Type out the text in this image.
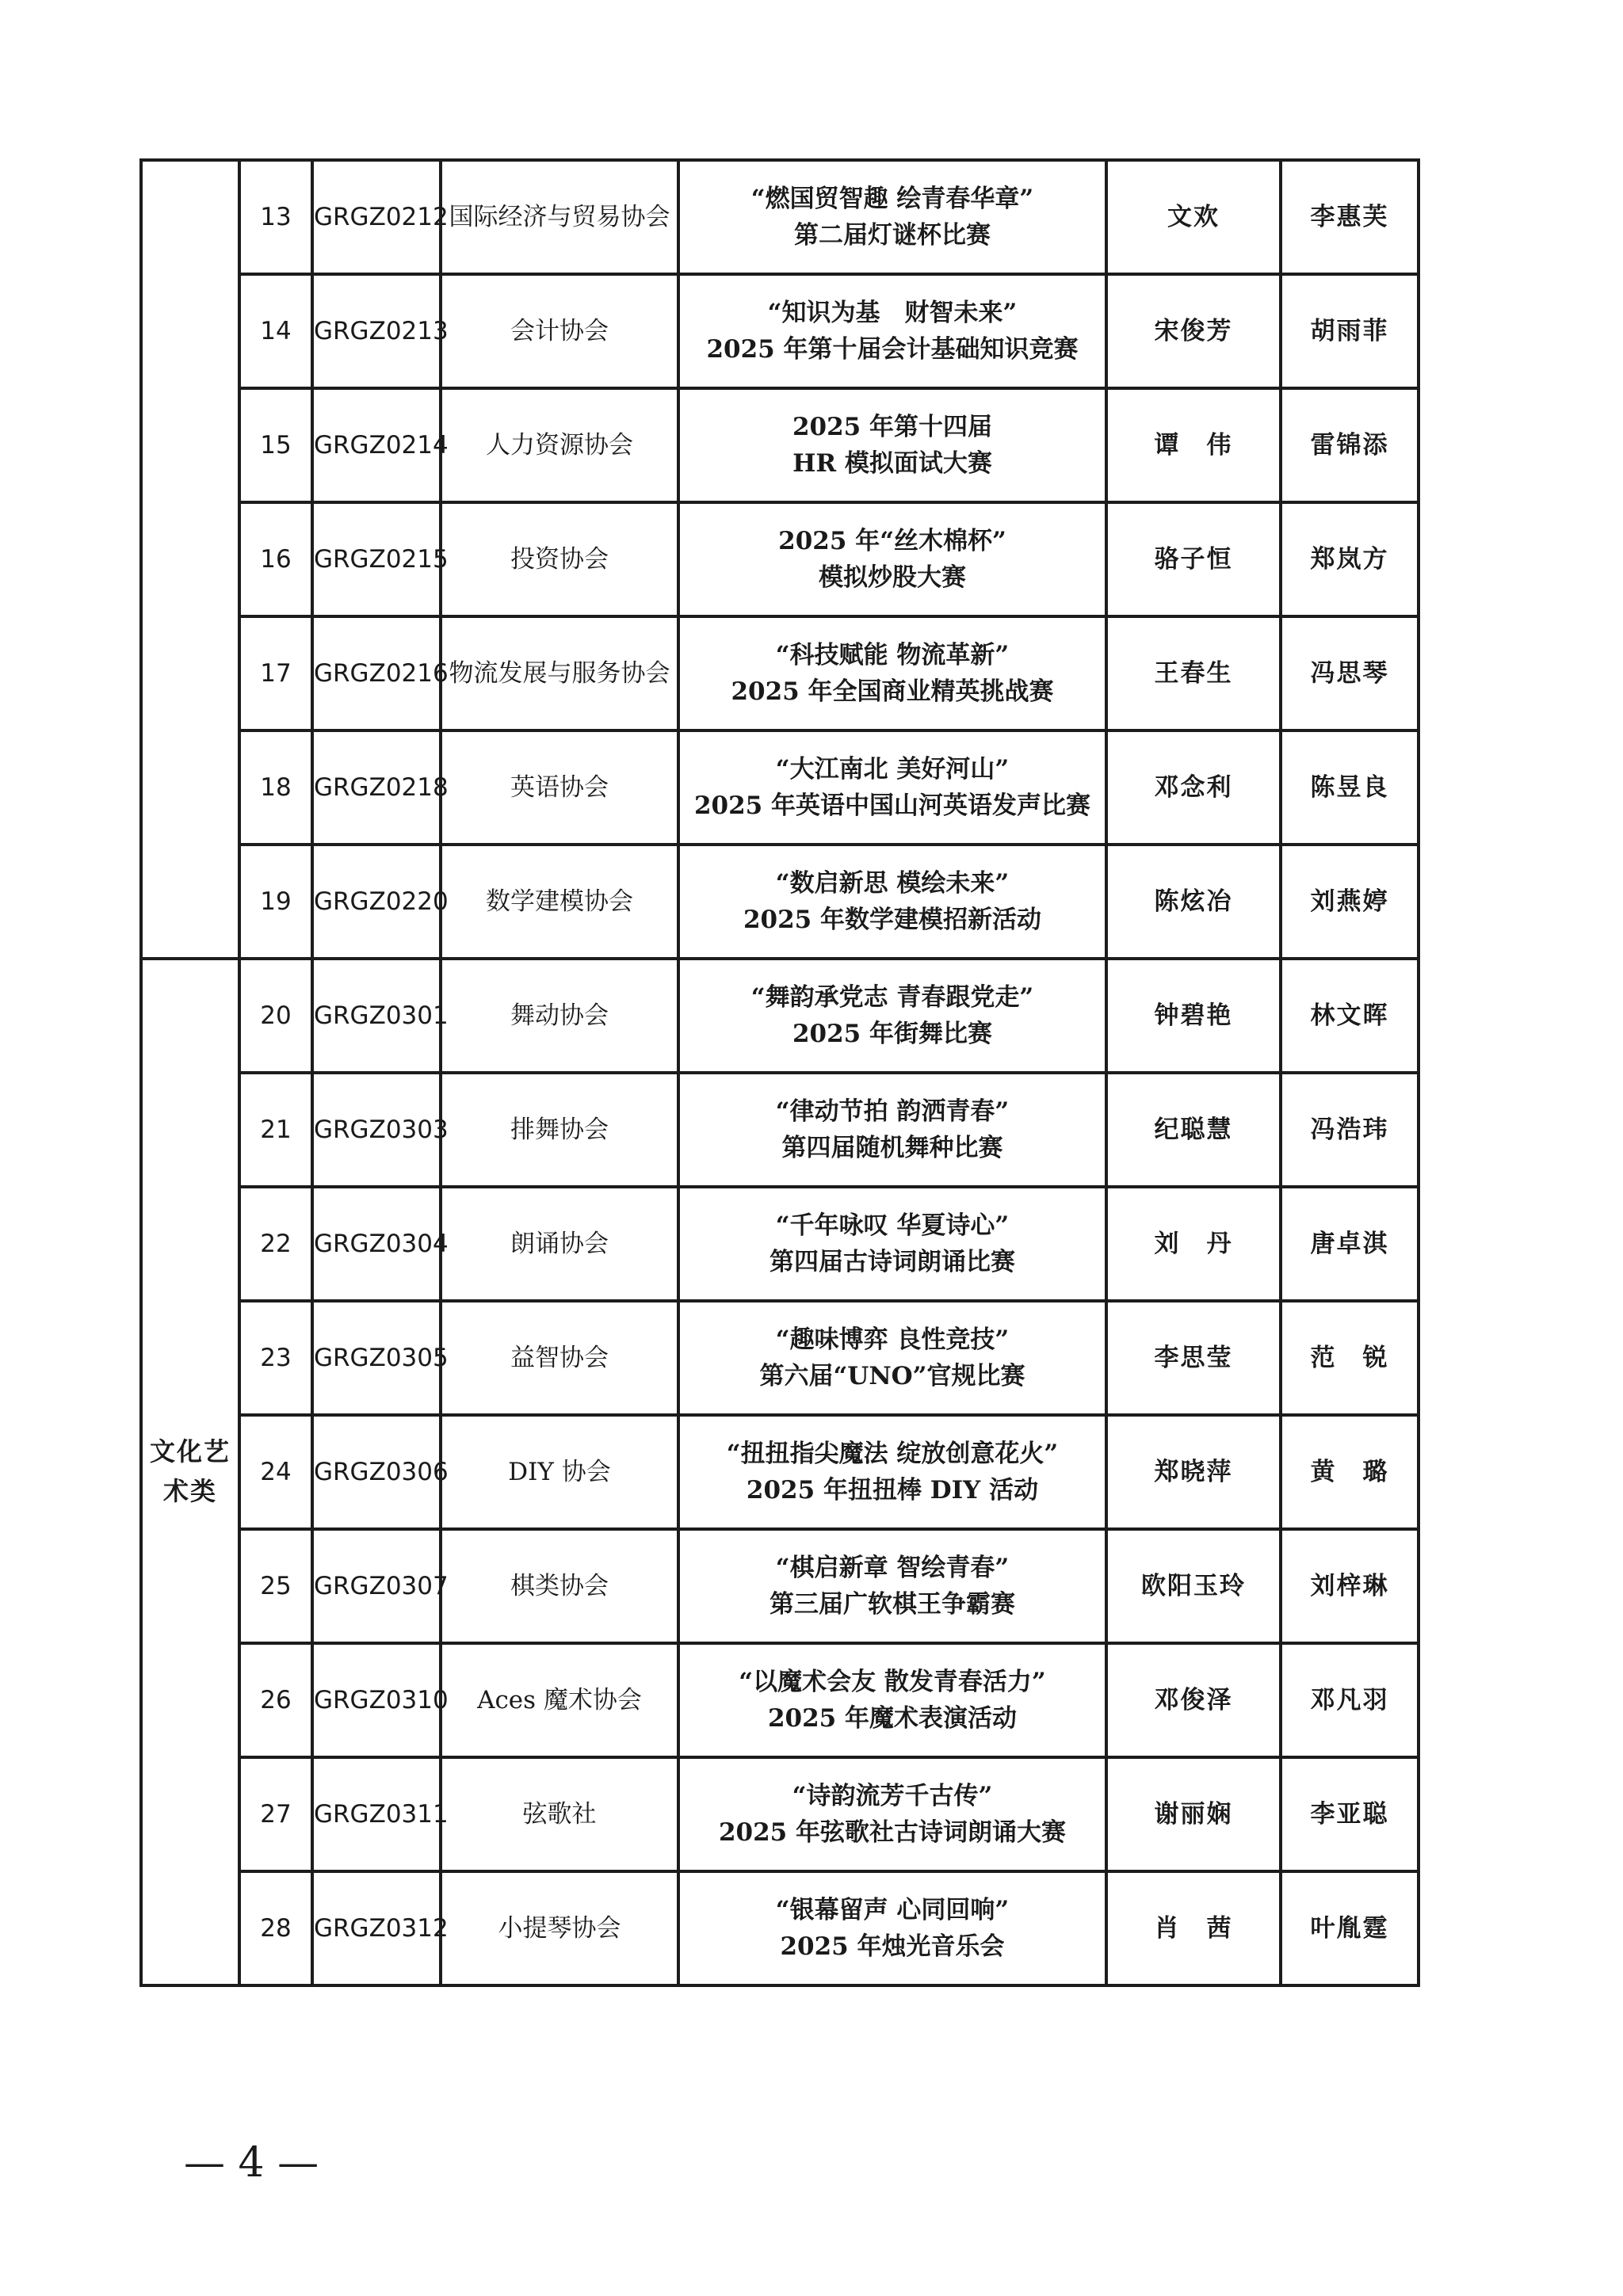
	13	GRGZ0212	国际经济与贸易协会	“燃国贸智趣 绘青春华章”
第二届灯谜杯比赛	文欢	李惠芙
	14	GRGZ0213	会计协会	“知识为基　财智未来”
2025 年第十届会计基础知识竞赛	宋俊芳	胡雨菲
	15	GRGZ0214	人力资源协会	2025 年第十四届
HR 模拟面试大赛	谭　伟	雷锦添
	16	GRGZ0215	投资协会	2025 年“丝木棉杯”
模拟炒股大赛	骆子恒	郑岚方
	17	GRGZ0216	物流发展与服务协会	“科技赋能 物流革新”
2025 年全国商业精英挑战赛	王春生	冯思琴
	18	GRGZ0218	英语协会	“大江南北 美好河山”
2025 年英语中国山河英语发声比赛	邓念利	陈昱良
	19	GRGZ0220	数学建模协会	“数启新思 模绘未来”
2025 年数学建模招新活动	陈炫冶	刘燕婷

文化艺
术类	20	GRGZ0301	舞动协会	“舞韵承党志 青春跟党走”
2025 年街舞比赛	钟碧艳	林文晖
	21	GRGZ0303	排舞协会	“律动节拍 韵洒青春”
第四届随机舞种比赛	纪聪慧	冯浩玮
	22	GRGZ0304	朗诵协会	“千年咏叹 华夏诗心”
第四届古诗词朗诵比赛	刘　丹	唐卓淇
	23	GRGZ0305	益智协会	“趣味博弈 良性竞技”
第六届“UNO”官规比赛	李思莹	范　锐
	24	GRGZ0306	DIY 协会	“扭扭指尖魔法 绽放创意花火”
2025 年扭扭棒 DIY 活动	郑晓萍	黄　璐
	25	GRGZ0307	棋类协会	“棋启新章 智绘青春”
第三届广软棋王争霸赛	欧阳玉玲	刘梓琳
	26	GRGZ0310	Aces 魔术协会	“以魔术会友 散发青春活力”
2025 年魔术表演活动	邓俊泽	邓凡羽
	27	GRGZ0311	弦歌社	“诗韵流芳千古传”
2025 年弦歌社古诗词朗诵大赛	谢丽娴	李亚聪
	28	GRGZ0312	小提琴协会	“银幕留声 心同回响”
2025 年烛光音乐会	肖　茜	叶胤霆
— 4 —
